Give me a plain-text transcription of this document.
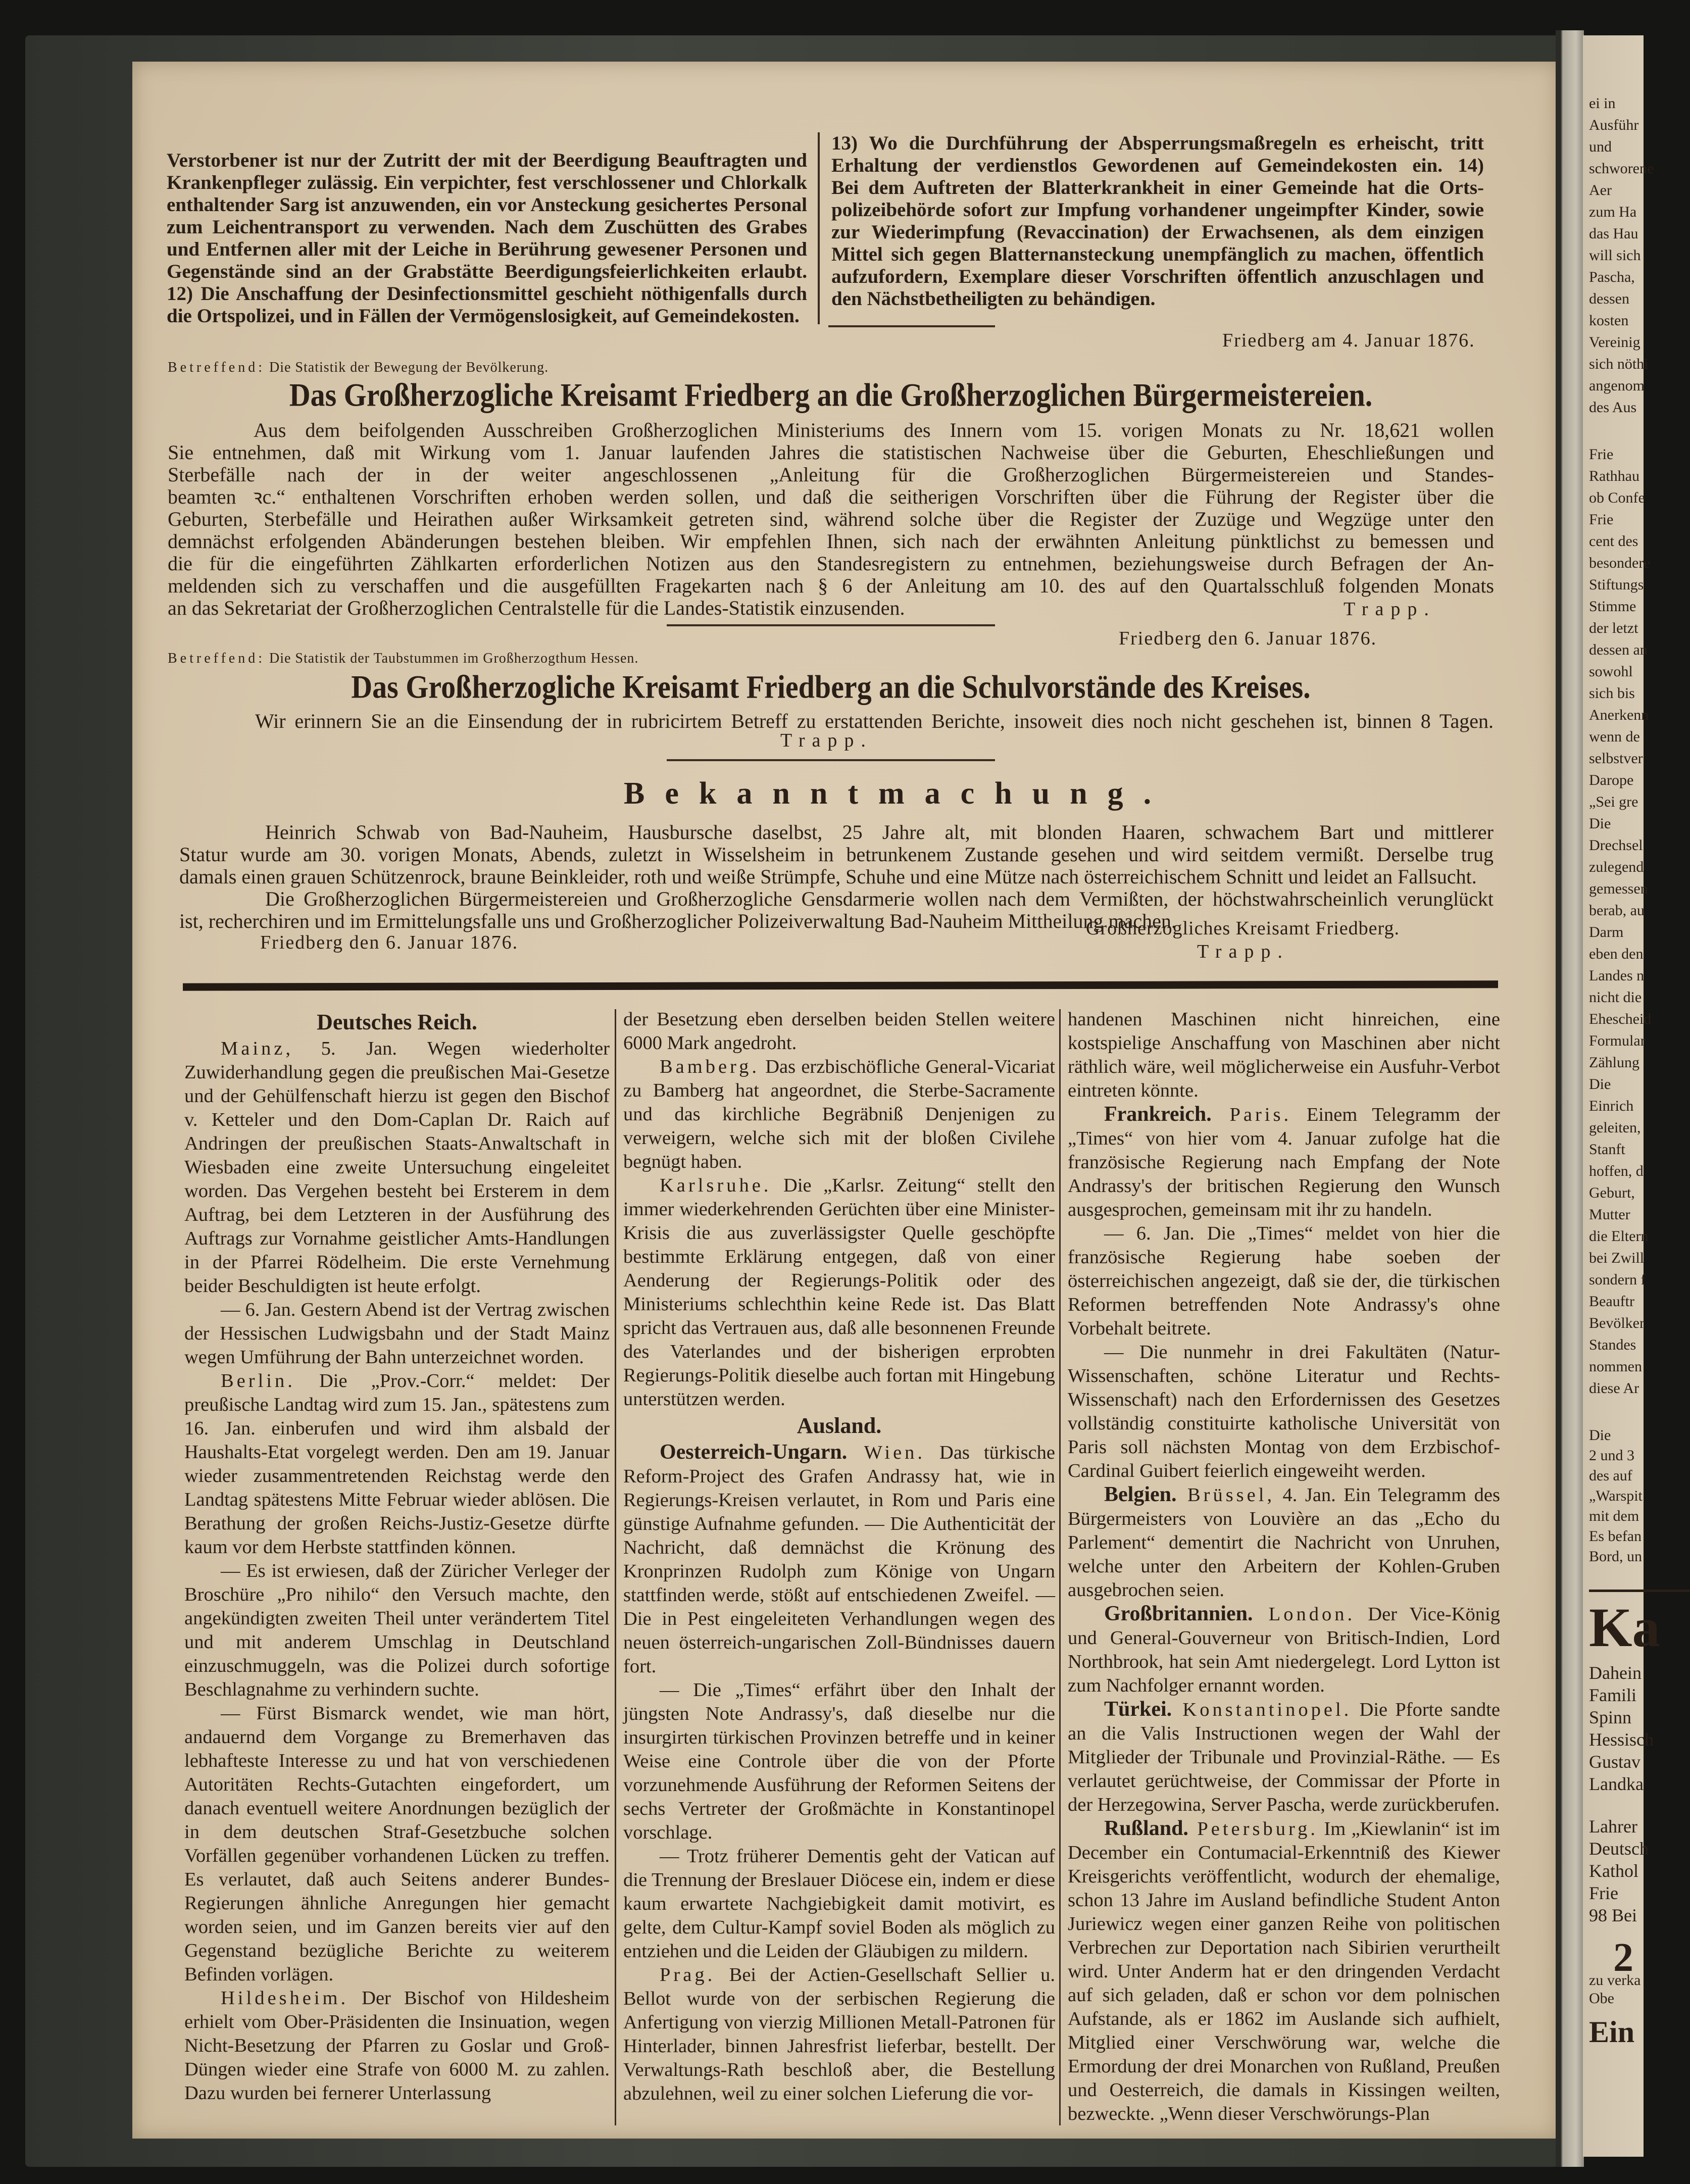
ei in
Ausführ
und
schworene
Aer
zum Ha
das Hau
will sich
Pascha,
dessen
kosten
Vereinig
sich nöthi
angenom
des Aus
Frie
Rathhau
ob Confe
Frie
cent des
besondere
Stiftungs
Stimme
der letzt
dessen an
sowohl
sich bis
Anerkenn
wenn de
selbstver
Darope
„Sei gre
Die
Drechsel
zulegend
gemessen
berab, au
Darm
eben den
Landes n
nicht die
Ehescheid
Formular
Zählung
Die
Einrich
geleiten,
Stanft
hoffen, d
Geburt,
Mutter
die Eltern
bei Zwill
sondern f
Beauftr
Bevölker
Standes
nommen
diese Ar
Die
2 und 3
des auf
„Warspit
mit dem
Es befan
Bord, un
Ka
Dahein
Famili
Spinn
Hessisch
Gustav
Landka
Lahrer
Deutsch
Kathol
Frie
98 Bei
2
zu verka
Obe
Ein
Verstorbener ist nur der Zutritt der mit der Beerdigung Beauftragten und
Krankenpfleger zulässig. Ein verpichter, fest verschlossener und Chlorkalk
enthaltender Sarg ist anzuwenden, ein vor Ansteckung gesichertes Personal
zum Leichentransport zu verwenden. Nach dem Zuschütten des Grabes
und Entfernen aller mit der Leiche in Berührung gewesener Personen und
Gegenstände sind an der Grabstätte Beerdigungsfeierlichkeiten erlaubt.
12) Die Anschaffung der Desinfectionsmittel geschieht nöthigenfalls durch
die Ortspolizei, und in Fällen der Vermögenslosigkeit, auf Gemeindekosten.
13) Wo die Durchführung der Absperrungsmaßregeln es erheischt, tritt
Erhaltung der verdienstlos Gewordenen auf Gemeindekosten ein. 14)
Bei dem Auftreten der Blatterkrankheit in einer Gemeinde hat die Orts-
polizeibehörde sofort zur Impfung vorhandener ungeimpfter Kinder, sowie
zur Wiederimpfung (Revaccination) der Erwachsenen, als dem einzigen
Mittel sich gegen Blatternansteckung unempfänglich zu machen, öffentlich
aufzufordern, Exemplare dieser Vorschriften öffentlich anzuschlagen und
den Nächstbetheiligten zu behändigen.
Friedberg am 4. Januar 1876.
Betreffend: Die Statistik der Bewegung der Bevölkerung.
Das Großherzogliche Kreisamt Friedberg an die Großherzoglichen Bürgermeistereien.
Aus dem beifolgenden Ausschreiben Großherzoglichen Ministeriums des Innern vom 15. vorigen Monats zu Nr. 18,621 wollen
Sie entnehmen, daß mit Wirkung vom 1. Januar laufenden Jahres die statistischen Nachweise über die Geburten, Eheschließungen und
Sterbefälle nach der in der weiter angeschlossenen „Anleitung für die Großherzoglichen Bürgermeistereien und Standes-
beamten ꝛc.“ enthaltenen Vorschriften erhoben werden sollen, und daß die seitherigen Vorschriften über die Führung der Register über die
Geburten, Sterbefälle und Heirathen außer Wirksamkeit getreten sind, während solche über die Register der Zuzüge und Wegzüge unter den
demnächst erfolgenden Abänderungen bestehen bleiben. Wir empfehlen Ihnen, sich nach der erwähnten Anleitung pünktlichst zu bemessen und
die für die eingeführten Zählkarten erforderlichen Notizen aus den Standesregistern zu entnehmen, beziehungsweise durch Befragen der An-
meldenden sich zu verschaffen und die ausgefüllten Fragekarten nach § 6 der Anleitung am 10. des auf den Quartalsschluß folgenden Monats
an das Sekretariat der Großherzoglichen Centralstelle für die Landes-Statistik einzusenden.	Trapp.
Friedberg den 6. Januar 1876.
Betreffend: Die Statistik der Taubstummen im Großherzogthum Hessen.
Das Großherzogliche Kreisamt Friedberg an die Schulvorstände des Kreises.
Wir erinnern Sie an die Einsendung der in rubricirtem Betreff zu erstattenden Berichte, insoweit dies noch nicht geschehen ist, binnen 8 Tagen.
Trapp.
Bekanntmachung.
Heinrich Schwab von Bad-Nauheim, Hausbursche daselbst, 25 Jahre alt, mit blonden Haaren, schwachem Bart und mittlerer
Statur wurde am 30. vorigen Monats, Abends, zuletzt in Wisselsheim in betrunkenem Zustande gesehen und wird seitdem vermißt. Derselbe trug
damals einen grauen Schützenrock, braune Beinkleider, roth und weiße Strümpfe, Schuhe und eine Mütze nach österreichischem Schnitt und leidet an Fallsucht.
Die Großherzoglichen Bürgermeistereien und Großherzogliche Gensdarmerie wollen nach dem Vermißten, der höchstwahrscheinlich verunglückt
ist, recherchiren und im Ermittelungsfalle uns und Großherzoglicher Polizeiverwaltung Bad-Nauheim Mittheilung machen.
Großherzogliches Kreisamt Friedberg.
Friedberg den 6. Januar 1876.	Trapp.
Deutsches Reich.

Mainz, 5. Jan. Wegen wiederholter Zuwiderhandlung gegen die preußischen Mai-Gesetze und der Gehülfenschaft hierzu ist gegen den Bischof v. Ketteler und den Dom-Caplan Dr. Raich auf Andringen der preußischen Staats-Anwaltschaft in Wiesbaden eine zweite Untersuchung eingeleitet worden. Das Vergehen besteht bei Ersterem in dem Auftrag, bei dem Letzteren in der Ausführung des Auftrags zur Vornahme geistlicher Amts-Handlungen in der Pfarrei Rödelheim. Die erste Vernehmung beider Beschuldigten ist heute erfolgt.

— 6. Jan. Gestern Abend ist der Vertrag zwischen der Hessischen Ludwigsbahn und der Stadt Mainz wegen Umführung der Bahn unterzeichnet worden.

Berlin. Die „Prov.-Corr.“ meldet: Der preußische Landtag wird zum 15. Jan., spätestens zum 16. Jan. einberufen und wird ihm alsbald der Haushalts-Etat vorgelegt werden. Den am 19. Januar wieder zusammentretenden Reichstag werde den Landtag spätestens Mitte Februar wieder ablösen. Die Berathung der großen Reichs-Justiz-Gesetze dürfte kaum vor dem Herbste stattfinden können.

— Es ist erwiesen, daß der Züricher Verleger der Broschüre „Pro nihilo“ den Versuch machte, den angekündigten zweiten Theil unter verändertem Titel und mit anderem Umschlag in Deutschland einzuschmuggeln, was die Polizei durch sofortige Beschlagnahme zu verhindern suchte.

— Fürst Bismarck wendet, wie man hört, andauernd dem Vorgange zu Bremerhaven das lebhafteste Interesse zu und hat von verschiedenen Autoritäten Rechts-Gutachten eingefordert, um danach eventuell weitere Anordnungen bezüglich der in dem deutschen Straf-Gesetzbuche solchen Vorfällen gegenüber vorhandenen Lücken zu treffen. Es verlautet, daß auch Seitens anderer Bundes-Regierungen ähnliche Anregungen hier gemacht worden seien, und im Ganzen bereits vier auf den Gegenstand bezügliche Berichte zu weiterem Befinden vorlägen.

Hildesheim. Der Bischof von Hildesheim erhielt vom Ober-Präsidenten die Insinuation, wegen Nicht-Besetzung der Pfarren zu Goslar und Groß-Düngen wieder eine Strafe von 6000 M. zu zahlen. Dazu wurden bei fernerer Unterlassung

der Besetzung eben derselben beiden Stellen weitere 6000 Mark angedroht.

Bamberg. Das erzbischöfliche General-Vicariat zu Bamberg hat angeordnet, die Sterbe-Sacramente und das kirchliche Begräbniß Denjenigen zu verweigern, welche sich mit der bloßen Civilehe begnügt haben.

Karlsruhe. Die „Karlsr. Zeitung“ stellt den immer wiederkehrenden Gerüchten über eine Minister-Krisis die aus zuverlässigster Quelle geschöpfte bestimmte Erklärung entgegen, daß von einer Aenderung der Regierungs-Politik oder des Ministeriums schlechthin keine Rede ist. Das Blatt spricht das Vertrauen aus, daß alle besonnenen Freunde des Vaterlandes und der bisherigen erprobten Regierungs-Politik dieselbe auch fortan mit Hingebung unterstützen werden.

Ausland.

Oesterreich-Ungarn. Wien. Das türkische Reform-Project des Grafen Andrassy hat, wie in Regierungs-Kreisen verlautet, in Rom und Paris eine günstige Aufnahme gefunden. — Die Authenticität der Nachricht, daß demnächst die Krönung des Kronprinzen Rudolph zum Könige von Ungarn stattfinden werde, stößt auf entschiedenen Zweifel. — Die in Pest eingeleiteten Verhandlungen wegen des neuen österreich-ungarischen Zoll-Bündnisses dauern fort.

— Die „Times“ erfährt über den Inhalt der jüngsten Note Andrassy's, daß dieselbe nur die insurgirten türkischen Provinzen betreffe und in keiner Weise eine Controle über die von der Pforte vorzunehmende Ausführung der Reformen Seitens der sechs Vertreter der Großmächte in Konstantinopel vorschlage.

— Trotz früherer Dementis geht der Vatican auf die Trennung der Breslauer Diöcese ein, indem er diese kaum erwartete Nachgiebigkeit damit motivirt, es gelte, dem Cultur-Kampf soviel Boden als möglich zu entziehen und die Leiden der Gläubigen zu mildern.

Prag. Bei der Actien-Gesellschaft Sellier u. Bellot wurde von der serbischen Regierung die Anfertigung von vierzig Millionen Metall-Patronen für Hinterlader, binnen Jahresfrist lieferbar, bestellt. Der Verwaltungs-Rath beschloß aber, die Bestellung abzulehnen, weil zu einer solchen Lieferung die vor-

handenen Maschinen nicht hinreichen, eine kostspielige Anschaffung von Maschinen aber nicht räthlich wäre, weil möglicherweise ein Ausfuhr-Verbot eintreten könnte.

Frankreich. Paris. Einem Telegramm der „Times“ von hier vom 4. Januar zufolge hat die französische Regierung nach Empfang der Note Andrassy's der britischen Regierung den Wunsch ausgesprochen, gemeinsam mit ihr zu handeln.

— 6. Jan. Die „Times“ meldet von hier die französische Regierung habe soeben der österreichischen angezeigt, daß sie der, die türkischen Reformen betreffenden Note Andrassy's ohne Vorbehalt beitrete.

— Die nunmehr in drei Fakultäten (Natur-Wissenschaften, schöne Literatur und Rechts-Wissenschaft) nach den Erfordernissen des Gesetzes vollständig constituirte katholische Universität von Paris soll nächsten Montag von dem Erzbischof-Cardinal Guibert feierlich eingeweiht werden.

Belgien. Brüssel, 4. Jan. Ein Telegramm des Bürgermeisters von Louvière an das „Echo du Parlement“ dementirt die Nachricht von Unruhen, welche unter den Arbeitern der Kohlen-Gruben ausgebrochen seien.

Großbritannien. London. Der Vice-König und General-Gouverneur von Britisch-Indien, Lord Northbrook, hat sein Amt niedergelegt. Lord Lytton ist zum Nachfolger ernannt worden.

Türkei. Konstantinopel. Die Pforte sandte an die Valis Instructionen wegen der Wahl der Mitglieder der Tribunale und Provinzial-Räthe. — Es verlautet gerüchtweise, der Commissar der Pforte in der Herzegowina, Server Pascha, werde zurückberufen.

Rußland. Petersburg. Im „Kiewlanin“ ist im December ein Contumacial-Erkenntniß des Kiewer Kreisgerichts veröffentlicht, wodurch der ehemalige, schon 13 Jahre im Ausland befindliche Student Anton Juriewicz wegen einer ganzen Reihe von politischen Verbrechen zur Deportation nach Sibirien verurtheilt wird. Unter Anderm hat er den dringenden Verdacht auf sich geladen, daß er schon vor dem polnischen Aufstande, als er 1862 im Auslande sich aufhielt, Mitglied einer Verschwörung war, welche die Ermordung der drei Monarchen von Rußland, Preußen und Oesterreich, die damals in Kissingen weilten, bezweckte. „Wenn dieser Verschwörungs-Plan
